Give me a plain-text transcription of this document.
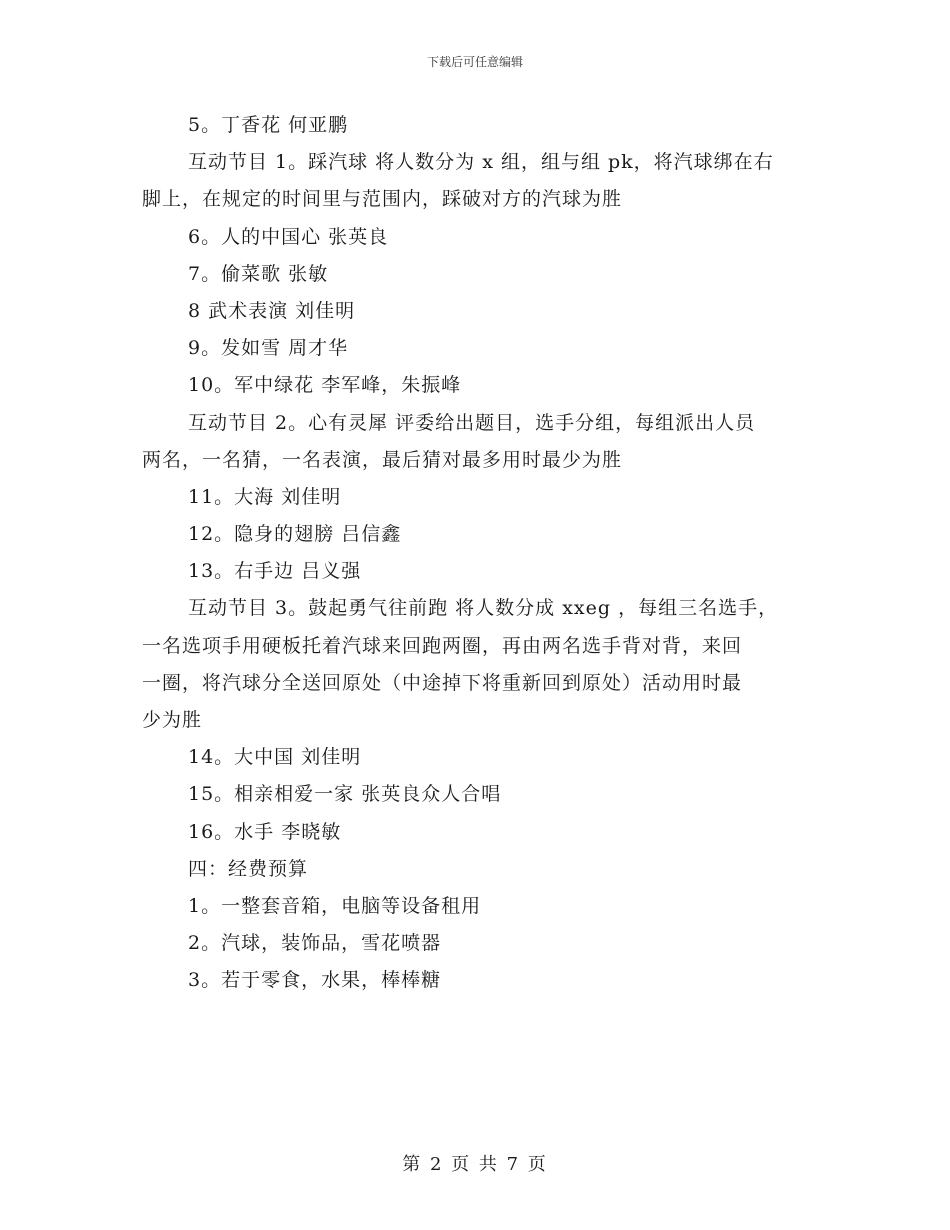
下载后可任意编辑
5。丁香花 何亚鹏
互动节目 1。踩汽球 将人数分为 x 组，组与组 pk，将汽球绑在右
脚上，在规定的时间里与范围内，踩破对方的汽球为胜
6。人的中国心 张英良
7。偷菜歌 张敏
8 武术表演 刘佳明
9。发如雪 周才华
10。军中绿花 李军峰，朱振峰
互动节目 2。心有灵犀 评委给出题目，选手分组，每组派出人员
两名，一名猜，一名表演，最后猜对最多用时最少为胜
11。大海 刘佳明
12。隐身的翅膀 吕信鑫
13。右手边 吕义强
互动节目 3。鼓起勇气往前跑 将人数分成 xxeg ，每组三名选手，
一名选项手用硬板托着汽球来回跑两圈，再由两名选手背对背，来回
一圈，将汽球分全送回原处（中途掉下将重新回到原处）活动用时最
少为胜
14。大中国 刘佳明
15。相亲相爱一家 张英良众人合唱
16。水手 李晓敏
四：经费预算
1。一整套音箱，电脑等设备租用
2。汽球，装饰品，雪花喷器
3。若于零食，水果，棒棒糖
第 2 页 共 7 页
